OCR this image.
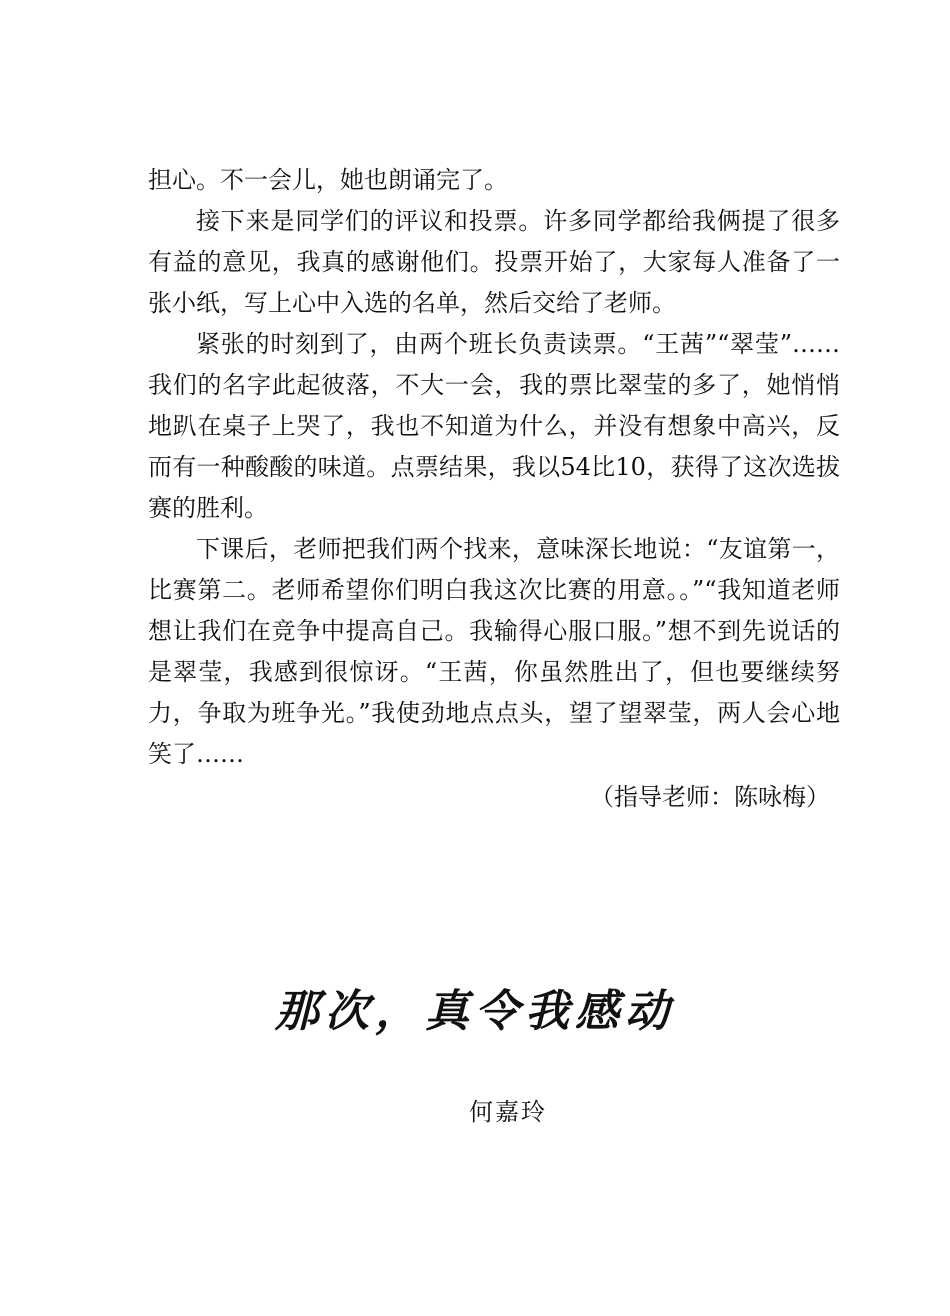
担心。不一会儿，她也朗诵完了。

接下来是同学们的评议和投票。许多同学都给我俩提了很多有益的意见，我真的感谢他们。投票开始了，大家每人准备了一张小纸，写上心中入选的名单，然后交给了老师。

紧张的时刻到了，由两个班长负责读票。“王茜”“翠莹”……我们的名字此起彼落，不大一会，我的票比翠莹的多了，她悄悄地趴在桌子上哭了，我也不知道为什么，并没有想象中高兴，反而有一种酸酸的味道。点票结果，我以54比10，获得了这次选拔赛的胜利。

下课后，老师把我们两个找来，意味深长地说：“友谊第一，比赛第二。老师希望你们明白我这次比赛的用意。。”“我知道老师想让我们在竞争中提高自己。我输得心服口服。”想不到先说话的是翠莹，我感到很惊讶。“王茜，你虽然胜出了，但也要继续努力，争取为班争光。”我使劲地点点头，望了望翠莹，两人会心地笑了……

（指导老师：陈咏梅）

那次，真令我感动
何嘉玲
